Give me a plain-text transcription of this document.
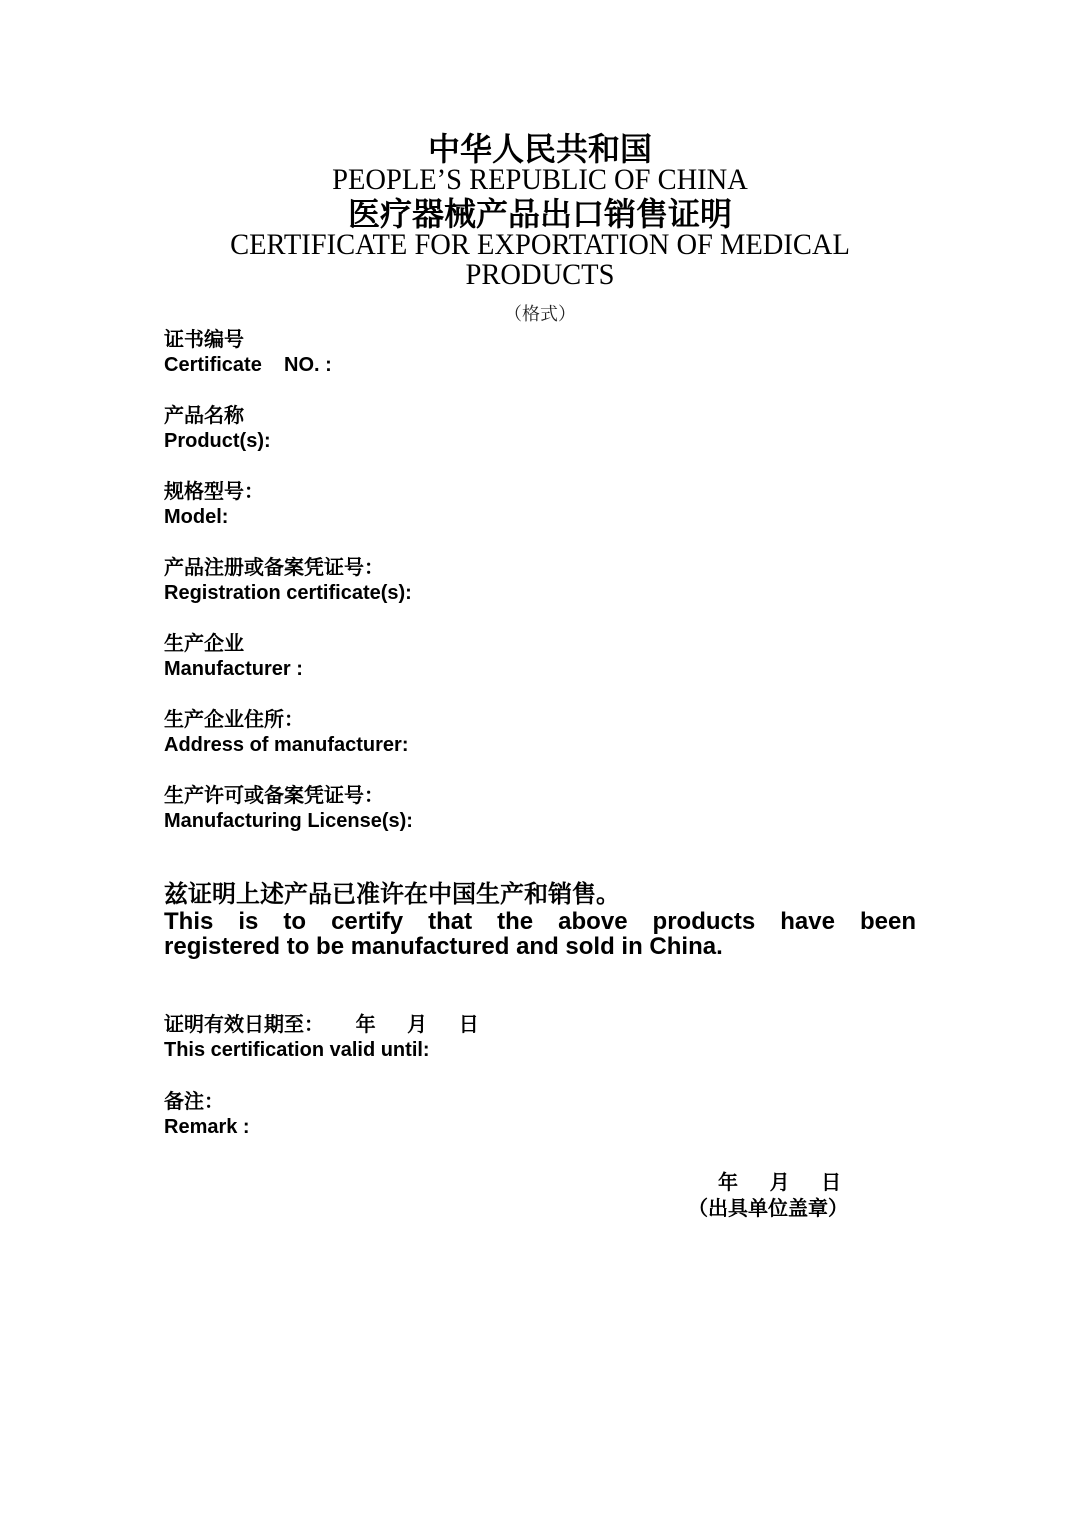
中华人民共和国
PEOPLE’S REPUBLIC OF CHINA
医疗器械产品出口销售证明
CERTIFICATE FOR EXPORTATION OF MEDICAL
PRODUCTS
（格式）
证书编号
Certificate    NO. :
产品名称
Product(s):
规格型号：
Model:
产品注册或备案凭证号：
Registration certificate(s):
生产企业
Manufacturer :
生产企业住所：
Address of manufacturer:
生产许可或备案凭证号：
Manufacturing License(s):
兹证明上述产品已准许在中国生产和销售。
This is to certify that the above products have been
registered to be manufactured and sold in China.
证明有效日期至： 年 月 日
This certification valid until:
备注：
Remark :
年 月 日
（出具单位盖章）
